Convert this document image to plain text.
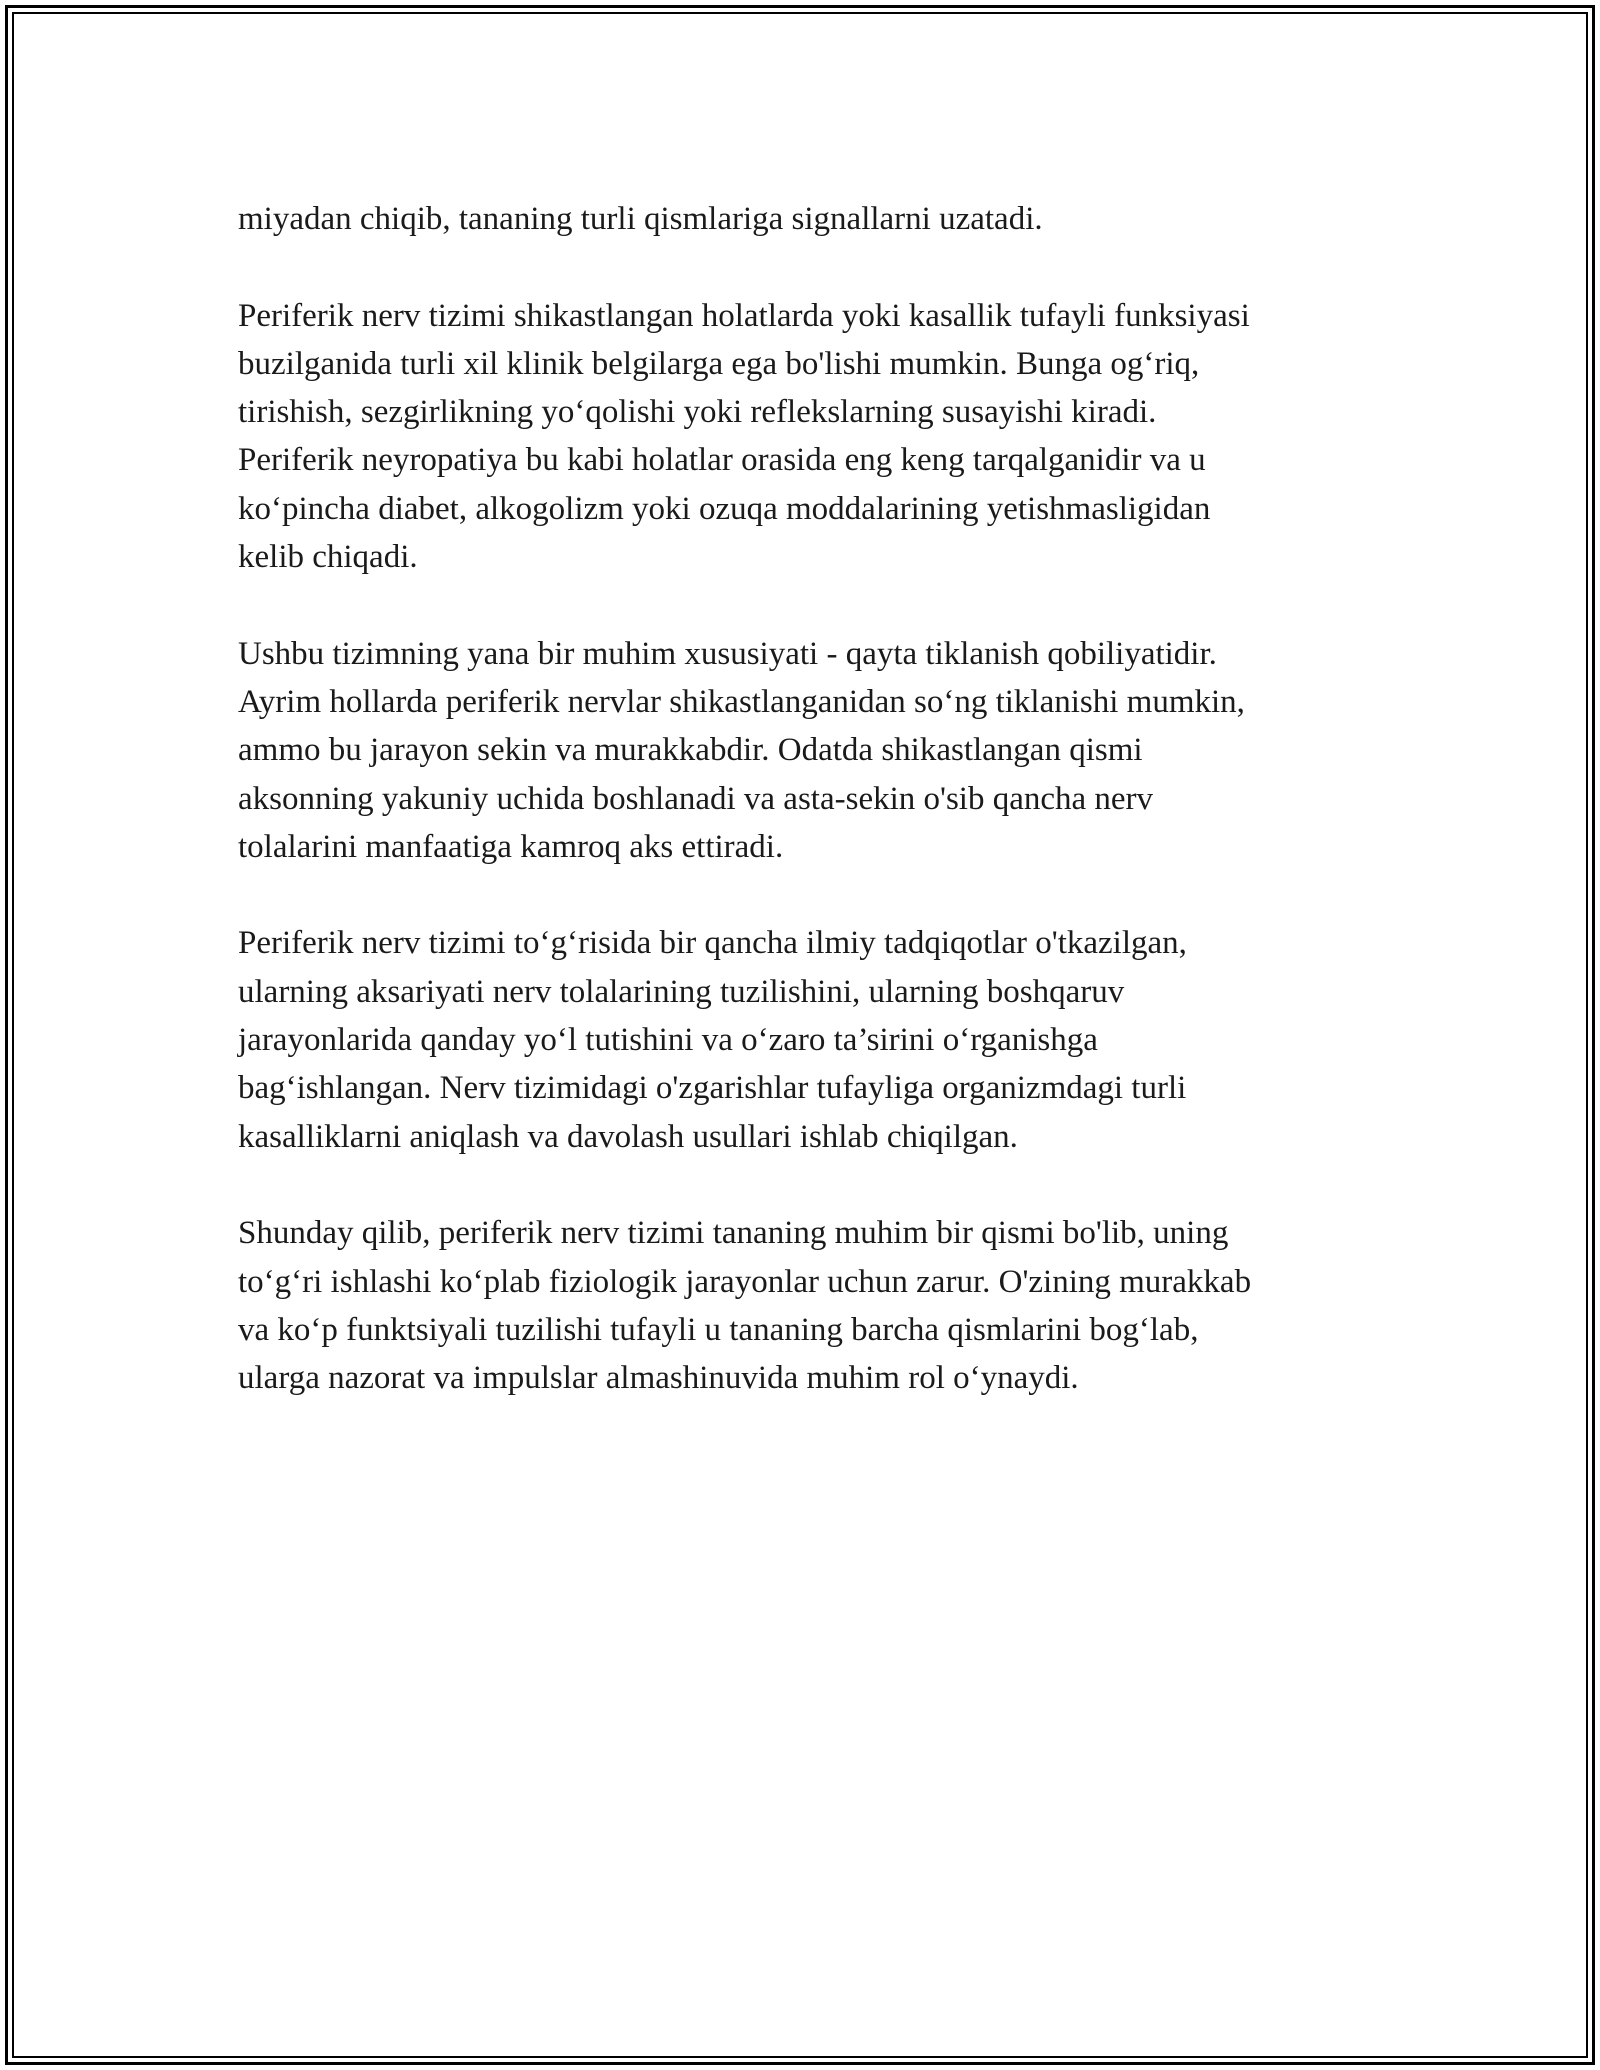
miyadan chiqib, tananing turli qismlariga signallarni uzatadi.

Periferik nerv tizimi shikastlangan holatlarda yoki kasallik tufayli funksiyasi
buzilganida turli xil klinik belgilarga ega bo'lishi mumkin. Bunga og‘riq,
tirishish, sezgirlikning yo‘qolishi yoki reflekslarning susayishi kiradi.
Periferik neyropatiya bu kabi holatlar orasida eng keng tarqalganidir va u
ko‘pincha diabet, alkogolizm yoki ozuqa moddalarining yetishmasligidan
kelib chiqadi.

Ushbu tizimning yana bir muhim xususiyati - qayta tiklanish qobiliyatidir.
Ayrim hollarda periferik nervlar shikastlanganidan so‘ng tiklanishi mumkin,
ammo bu jarayon sekin va murakkabdir. Odatda shikastlangan qismi
aksonning yakuniy uchida boshlanadi va asta-sekin o'sib qancha nerv
tolalarini manfaatiga kamroq aks ettiradi.

Periferik nerv tizimi to‘g‘risida bir qancha ilmiy tadqiqotlar o'tkazilgan,
ularning aksariyati nerv tolalarining tuzilishini, ularning boshqaruv
jarayonlarida qanday yo‘l tutishini va o‘zaro ta’sirini o‘rganishga
bag‘ishlangan. Nerv tizimidagi o'zgarishlar tufayliga organizmdagi turli
kasalliklarni aniqlash va davolash usullari ishlab chiqilgan.

Shunday qilib, periferik nerv tizimi tananing muhim bir qismi bo'lib, uning
to‘g‘ri ishlashi ko‘plab fiziologik jarayonlar uchun zarur. O'zining murakkab
va ko‘p funktsiyali tuzilishi tufayli u tananing barcha qismlarini bog‘lab,
ularga nazorat va impulslar almashinuvida muhim rol o‘ynaydi.
